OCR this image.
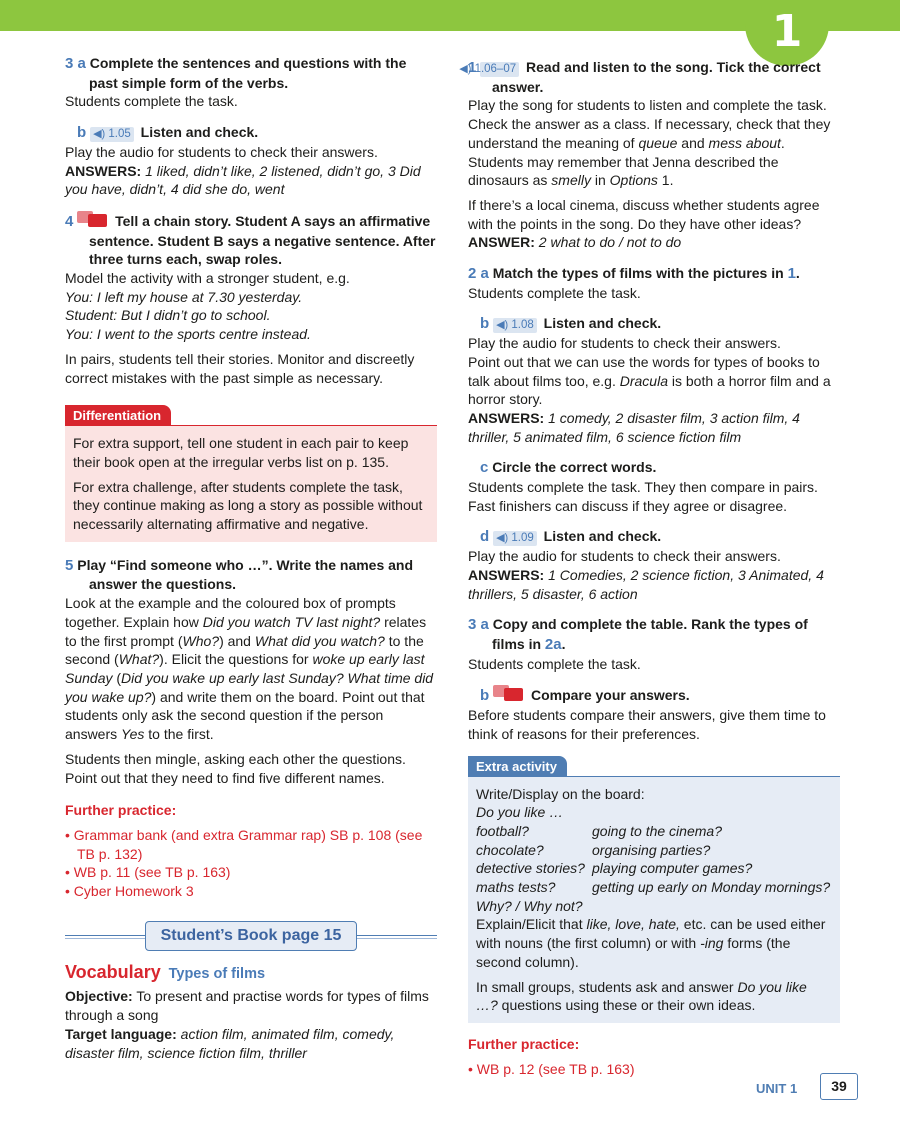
1
3 a Complete the sentences and questions with the past simple form of the verbs.
Students complete the task.
b ◀) 1.05 Listen and check.
Play the audio for students to check their answers.
ANSWERS: 1 liked, didn’t like, 2 listened, didn’t go, 3 Did you have, didn’t, 4 did she do, went
4	Tell a chain story. Student A says an affirmative sentence. Student B says a negative sentence. After three turns each, swap roles.
Model the activity with a stronger student, e.g.
You: I left my house at 7.30 yesterday.
Student: But I didn’t go to school.
You: I went to the sports centre instead.
In pairs, students tell their stories. Monitor and discreetly correct mistakes with the past simple as necessary.
Differentiation
For extra support, tell one student in each pair to keep their book open at the irregular verbs list on p. 135.
For extra challenge, after students complete the task, they continue making as long a story as possible without necessarily alternating affirmative and negative.
5 Play “Find someone who …”. Write the names and answer the questions.
Look at the example and the coloured box of prompts together. Explain how Did you watch TV last night? relates to the first prompt (Who?) and What did you watch? to the second (What?). Elicit the questions for woke up early last Sunday (Did you wake up early last Sunday? What time did you wake up?) and write them on the board. Point out that students only ask the second question if the person answers Yes to the first.
Students then mingle, asking each other the questions. Point out that they need to find five different names.
Further practice:
• Grammar bank (and extra Grammar rap) SB p. 108 (see TB p. 132)
• WB p. 11 (see TB p. 163)
• Cyber Homework 3
Student’s Book page 15
Vocabulary Types of films
Objective: To present and practise words for types of films through a song
Target language: action film, animated film, comedy, disaster film, science fiction film, thriller
◀) 1.06–07 Read and listen to the song. Tick the correct answer.
Play the song for students to listen and complete the task. Check the answer as a class. If necessary, check that they understand the meaning of queue and mess about. Students may remember that Jenna described the dinosaurs as smelly in Options 1.
If there’s a local cinema, discuss whether students agree with the points in the song. Do they have other ideas?
ANSWER: 2 what to do / not to do
2 a Match the types of films with the pictures in 1.
Students complete the task.
b ◀) 1.08 Listen and check.
Play the audio for students to check their answers.
Point out that we can use the words for types of books to talk about films too, e.g. Dracula is both a horror film and a horror story.
ANSWERS: 1 comedy, 2 disaster film, 3 action film, 4 thriller, 5 animated film, 6 science fiction film
c Circle the correct words.
Students complete the task. They then compare in pairs. Fast finishers can discuss if they agree or disagree.
d ◀) 1.09 Listen and check.
Play the audio for students to check their answers.
ANSWERS: 1 Comedies, 2 science fiction, 3 Animated, 4 thrillers, 5 disaster, 6 action
3 a Copy and complete the table. Rank the types of films in 2a.
Students complete the task.
b	Compare your answers.
Before students compare their answers, give them time to think of reasons for their preferences.
Extra activity
Write/Display on the board:
Do you like …
football?	going to the cinema?
chocolate?	organising parties?
detective stories? playing computer games?
maths tests?	getting up early on Monday mornings?
Why? / Why not?
Explain/Elicit that like, love, hate, etc. can be used either with nouns (the first column) or with -ing forms (the second column).
In small groups, students ask and answer Do you like …? questions using these or their own ideas.
Further practice:
• WB p. 12 (see TB p. 163)
UNIT 1	39
